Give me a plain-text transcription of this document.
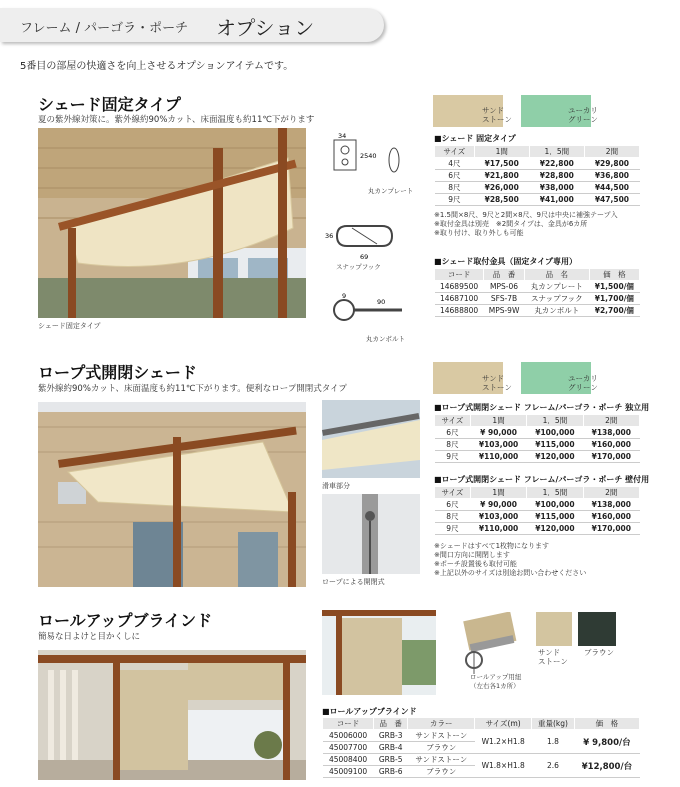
フレーム / パーゴラ・ポーチ オプション
5番目の部屋の快適さを向上させるオプションアイテムです。
シェード固定タイプ
夏の紫外線対策に。紫外線約90%カット、床面温度も約11℃下がります
シェード固定タイプ
34
2540
丸カンプレート
36
69
スナップフック
9
90
丸カンボルト
サンド
ストーン
ユーカリ
グリーン
■シェード 固定タイプ
サイズ	1間	1．5間	2間
4尺	¥17,500	¥22,800	¥29,800
6尺	¥21,800	¥28,800	¥36,800
8尺	¥26,000	¥38,000	¥44,500
9尺	¥28,500	¥41,000	¥47,500
※1.5間×8尺、9尺と2間×8尺、9尺は中央に補強テープ入
※取付金具は別売　※2間タイプは、金具が6カ所
※取り付け、取り外しも可能
■シェード取付金具（固定タイプ専用）
コード	品　番	品　名	価　格
14689500	MPS-06	丸カンプレート	¥1,500/個
14687100	SFS-7B	スナップフック	¥1,700/個
14688800	MPS-9W	丸カンボルト	¥2,700/個
ロープ式開閉シェード
紫外線約90%カット、床面温度も約11℃下がります。便利なロープ開閉式タイプ
滑車部分
ロープによる開閉式
サンド
ストーン
ユーカリ
グリーン
■ロープ式開閉シェード フレーム/パーゴラ・ポーチ 独立用
サイズ	1間	1．5間	2間
6尺	¥ 90,000	¥100,000	¥138,000
8尺	¥103,000	¥115,000	¥160,000
9尺	¥110,000	¥120,000	¥170,000
■ロープ式開閉シェード フレーム/パーゴラ・ポーチ 壁付用
サイズ	1間	1．5間	2間
6尺	¥ 90,000	¥100,000	¥138,000
8尺	¥103,000	¥115,000	¥160,000
9尺	¥110,000	¥120,000	¥170,000
※シェードはすべて1枚物になります
※間口方向に開閉します
※ポーチ設置後も取付可能
※上記以外のサイズは別途お問い合わせください
ロールアップブラインド
簡易な日よけと目かくしに
ロールアップ用紐
（左右各1カ所）
サンド
ストーン
ブラウン
■ロールアップブラインド
コード	品　番	カラー	サイズ(m)	重量(kg)	価　格
45006000	GRB-3	サンドストーン	W1.2×H1.8	1.8	¥ 9,800/台
45007700	GRB-4	ブラウン			
45008400	GRB-5	サンドストーン	W1.8×H1.8	2.6	¥12,800/台
45009100	GRB-6	ブラウン			
